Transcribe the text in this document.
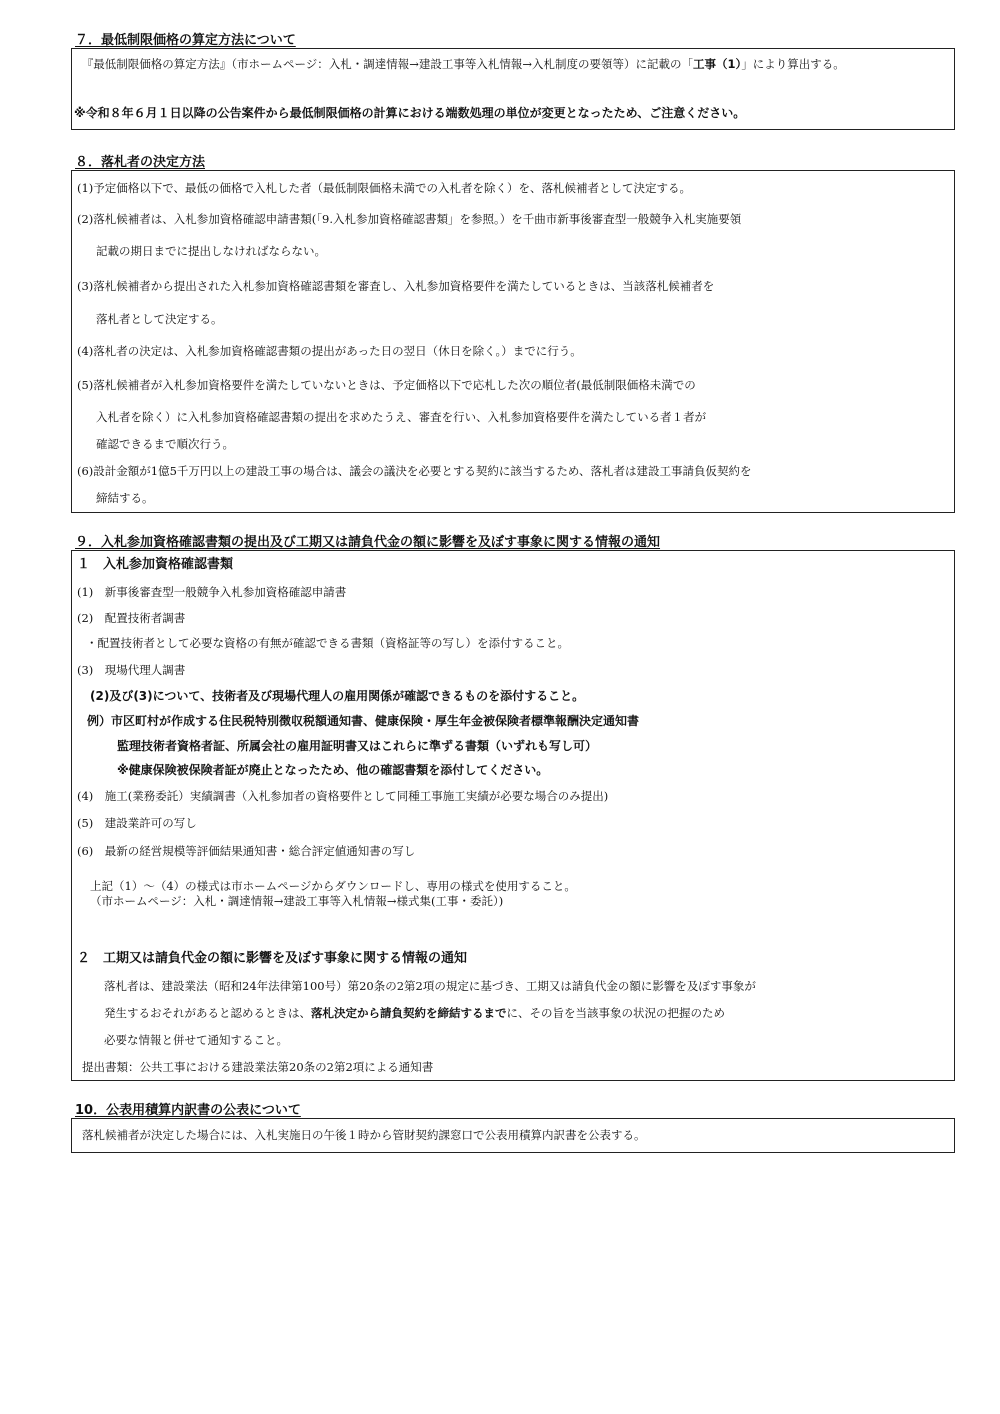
７．最低制限価格の算定方法について
　『最低制限価格の算定方法』（市ホームページ：入札・調達情報→建設工事等入札情報→入札制度の要領等）に記載の「工事（1）」により算出する。
※令和８年６月１日以降の公告案件から最低制限価格の計算における端数処理の単位が変更となったため、ご注意ください。
８．落札者の決定方法
(1)予定価格以下で、最低の価格で入札した者（最低制限価格未満での入札者を除く）を、落札候補者として決定する。
(2)落札候補者は、入札参加資格確認申請書類(「9.入札参加資格確認書類」を参照。）を千曲市新事後審査型一般競争入札実施要領
記載の期日までに提出しなければならない。
(3)落札候補者から提出された入札参加資格確認書類を審査し、入札参加資格要件を満たしているときは、当該落札候補者を
落札者として決定する。
(4)落札者の決定は、入札参加資格確認書類の提出があった日の翌日（休日を除く。）までに行う。
(5)落札候補者が入札参加資格要件を満たしていないときは、予定価格以下で応札した次の順位者(最低制限価格未満での
入札者を除く）に入札参加資格確認書類の提出を求めたうえ、審査を行い、入札参加資格要件を満たしている者１者が
確認できるまで順次行う。
(6)設計金額が1億5千万円以上の建設工事の場合は、議会の議決を必要とする契約に該当するため、落札者は建設工事請負仮契約を
締結する。
９．入札参加資格確認書類の提出及び工期又は請負代金の額に影響を及ぼす事象に関する情報の通知
１　入札参加資格確認書類
(1)　新事後審査型一般競争入札参加資格確認申請書
(2)　配置技術者調書
・配置技術者として必要な資格の有無が確認できる書類（資格証等の写し）を添付すること。
(3)　現場代理人調書
(2)及び(3)について、技術者及び現場代理人の雇用関係が確認できるものを添付すること。
例）市区町村が作成する住民税特別徴収税額通知書、健康保険・厚生年金被保険者標準報酬決定通知書
監理技術者資格者証、所属会社の雇用証明書又はこれらに準ずる書類（いずれも写し可）
※健康保険被保険者証が廃止となったため、他の確認書類を添付してください。
(4)　施工(業務委託）実績調書（入札参加者の資格要件として同種工事施工実績が必要な場合のみ提出)
(5)　建設業許可の写し
(6)　最新の経営規模等評価結果通知書・総合評定値通知書の写し
上記（1）～（4）の様式は市ホームページからダウンロードし、専用の様式を使用すること。
（市ホームページ：入札・調達情報→建設工事等入札情報→様式集(工事・委託）)
２　工期又は請負代金の額に影響を及ぼす事象に関する情報の通知
落札者は、建設業法（昭和24年法律第100号）第20条の2第2項の規定に基づき、工期又は請負代金の額に影響を及ぼす事象が
発生するおそれがあると認めるときは、落札決定から請負契約を締結するまでに、その旨を当該事象の状況の把握のため
必要な情報と併せて通知すること。
提出書類：公共工事における建設業法第20条の2第2項による通知書
10．公表用積算内訳書の公表について
落札候補者が決定した場合には、入札実施日の午後１時から管財契約課窓口で公表用積算内訳書を公表する。
